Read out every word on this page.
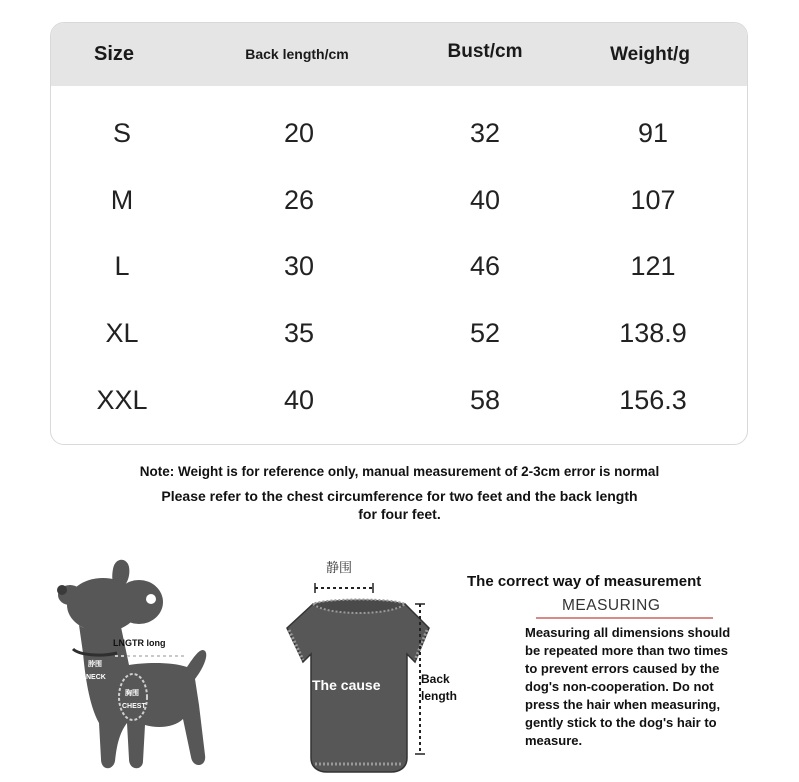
Size	Back length/cm	Bust/cm	Weight/g
S	20	32	91
M	26	40	107
L	30	46	121
XL	35	52	138.9
XXL	40	58	156.3
Note: Weight is for reference only, manual measurement of 2-3cm error is normal
Please refer to the chest circumference for two feet and the back length
for four feet.
LNGTR long
脖围
NECK
胸围
CHEST
静围
The cause	Back length
The correct way of measurement
MEASURING
Measuring all dimensions should be repeated more than two times to prevent errors caused by the dog's non-cooperation. Do not press the hair when measuring, gently stick to the dog's hair to measure.
